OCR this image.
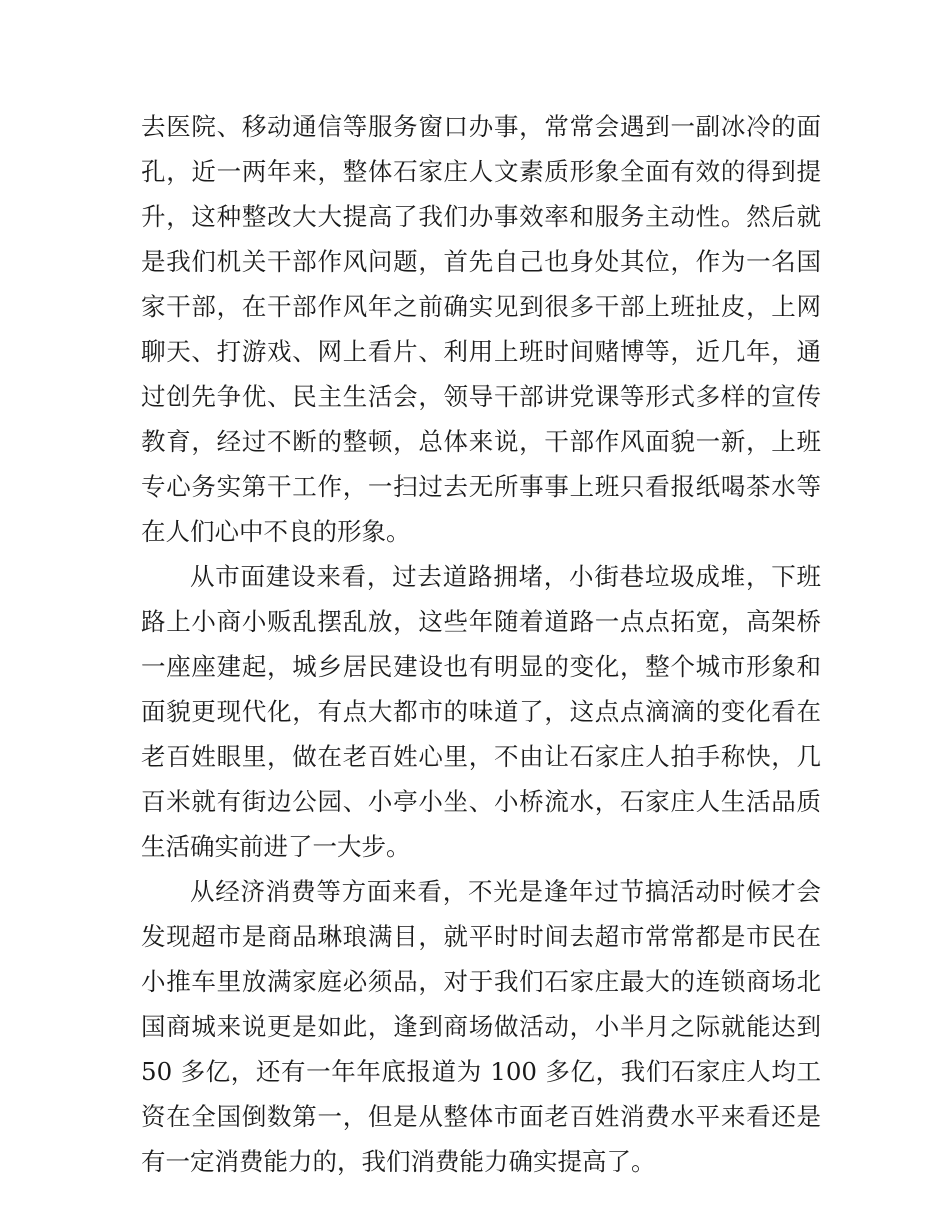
去医院、移动通信等服务窗口办事，常常会遇到一副冰冷的面
孔，近一两年来，整体石家庄人文素质形象全面有效的得到提
升，这种整改大大提高了我们办事效率和服务主动性。然后就
是我们机关干部作风问题，首先自己也身处其位，作为一名国
家干部，在干部作风年之前确实见到很多干部上班扯皮，上网
聊天、打游戏、网上看片、利用上班时间赌博等，近几年，通
过创先争优、民主生活会，领导干部讲党课等形式多样的宣传
教育，经过不断的整顿，总体来说，干部作风面貌一新，上班
专心务实第干工作，一扫过去无所事事上班只看报纸喝茶水等
在人们心中不良的形象。
从市面建设来看，过去道路拥堵，小街巷垃圾成堆，下班
路上小商小贩乱摆乱放，这些年随着道路一点点拓宽，高架桥
一座座建起，城乡居民建设也有明显的变化，整个城市形象和
面貌更现代化，有点大都市的味道了，这点点滴滴的变化看在
老百姓眼里，做在老百姓心里，不由让石家庄人拍手称快，几
百米就有街边公园、小亭小坐、小桥流水，石家庄人生活品质
生活确实前进了一大步。
从经济消费等方面来看，不光是逢年过节搞活动时候才会
发现超市是商品琳琅满目，就平时时间去超市常常都是市民在
小推车里放满家庭必须品，对于我们石家庄最大的连锁商场北
国商城来说更是如此，逢到商场做活动，小半月之际就能达到
50 多亿，还有一年年底报道为 100 多亿，我们石家庄人均工
资在全国倒数第一，但是从整体市面老百姓消费水平来看还是
有一定消费能力的，我们消费能力确实提高了。
